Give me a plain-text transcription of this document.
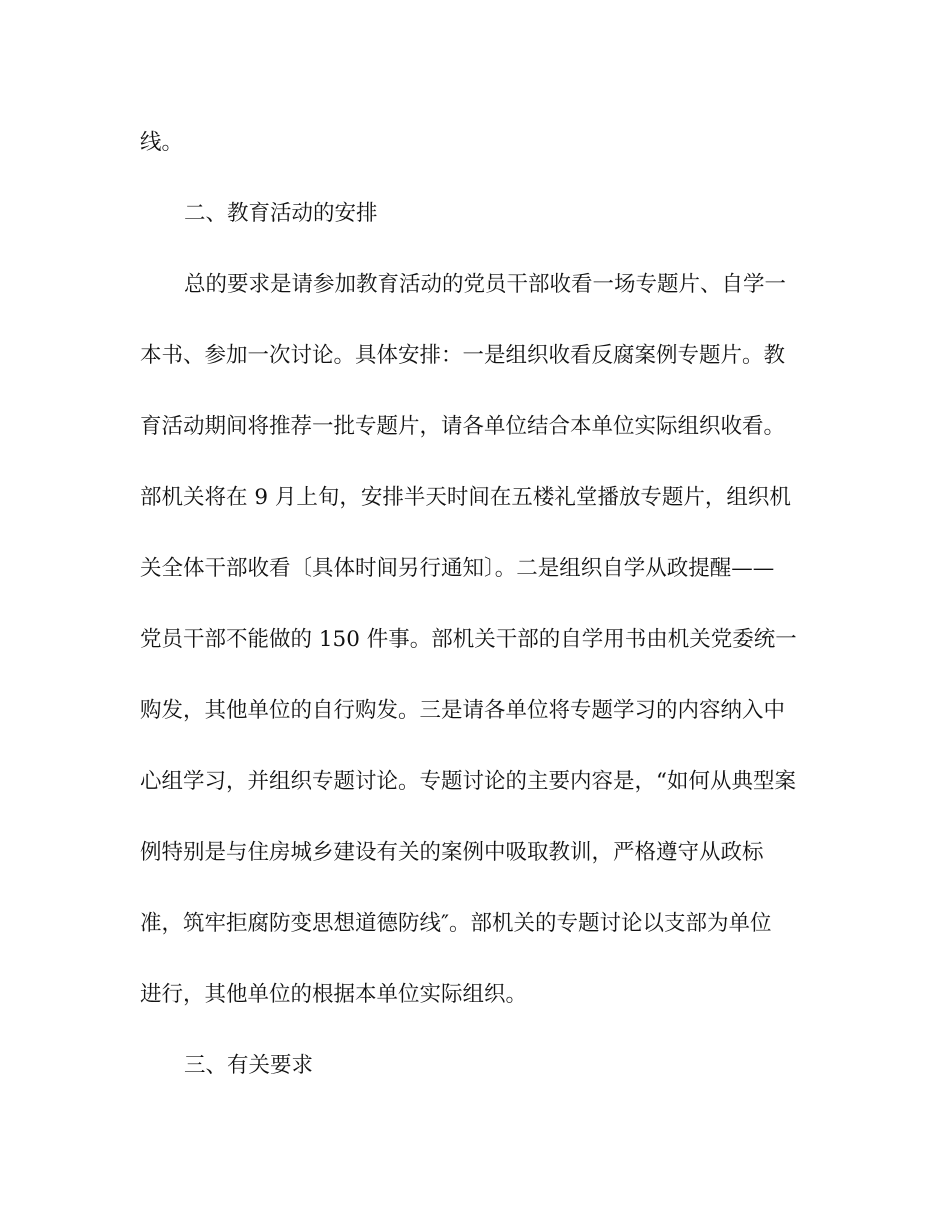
线。
二、教育活动的安排
总的要求是请参加教育活动的党员干部收看一场专题片、自学一
本书、参加一次讨论。具体安排：一是组织收看反腐案例专题片。教
育活动期间将推荐一批专题片，请各单位结合本单位实际组织收看。
部机关将在 9 月上旬，安排半天时间在五楼礼堂播放专题片，组织机
关全体干部收看〔具体时间另行通知〕。二是组织自学从政提醒——
党员干部不能做的 150 件事。部机关干部的自学用书由机关党委统一
购发，其他单位的自行购发。三是请各单位将专题学习的内容纳入中
心组学习，并组织专题讨论。专题讨论的主要内容是，“如何从典型案
例特别是与住房城乡建设有关的案例中吸取教训，严格遵守从政标
准，筑牢拒腐防变思想道德防线″。部机关的专题讨论以支部为单位
进行，其他单位的根据本单位实际组织。
三、有关要求
